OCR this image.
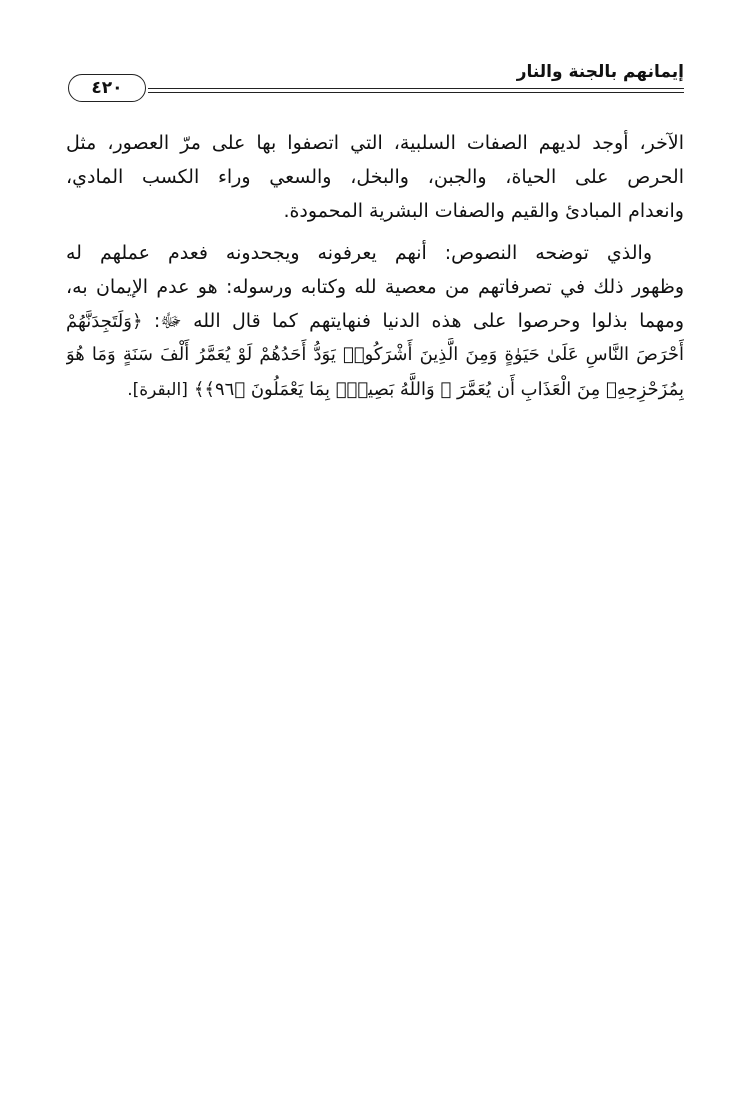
إيمانهم بالجنة والنار
٤٢٠

الآخر، أوجد لديهم الصفات السلبية، التي اتصفوا بها على مرّ العصور، مثل
الحرص على الحياة، والجبن، والبخل، والسعي وراء الكسب المادي،
وانعدام المبادئ والقيم والصفات البشرية المحمودة.

والذي توضحه النصوص: أنهم يعرفونه ويجحدونه فعدم عملهم له
وظهور ذلك في تصرفاتهم من معصية لله وكتابه ورسوله: هو عدم الإيمان به،
ومهما بذلوا وحرصوا على هذه الدنيا فنهايتهم كما قال الله ﷻ: ﴿وَلَتَجِدَنَّهُمْ
أَحْرَصَ النَّاسِ عَلَىٰ حَيَوٰةٍ وَمِنَ الَّذِينَ أَشْرَكُوا۟ يَوَدُّ أَحَدُهُمْ لَوْ يُعَمَّرُ أَلْفَ سَنَةٍ وَمَا هُوَ
بِمُزَحْزِحِهِۦ مِنَ الْعَذَابِ أَن يُعَمَّرَ ۗ وَاللَّهُ بَصِيرٌۢ بِمَا يَعْمَلُونَ ﴿٩٦﴾﴾ [البقرة].
